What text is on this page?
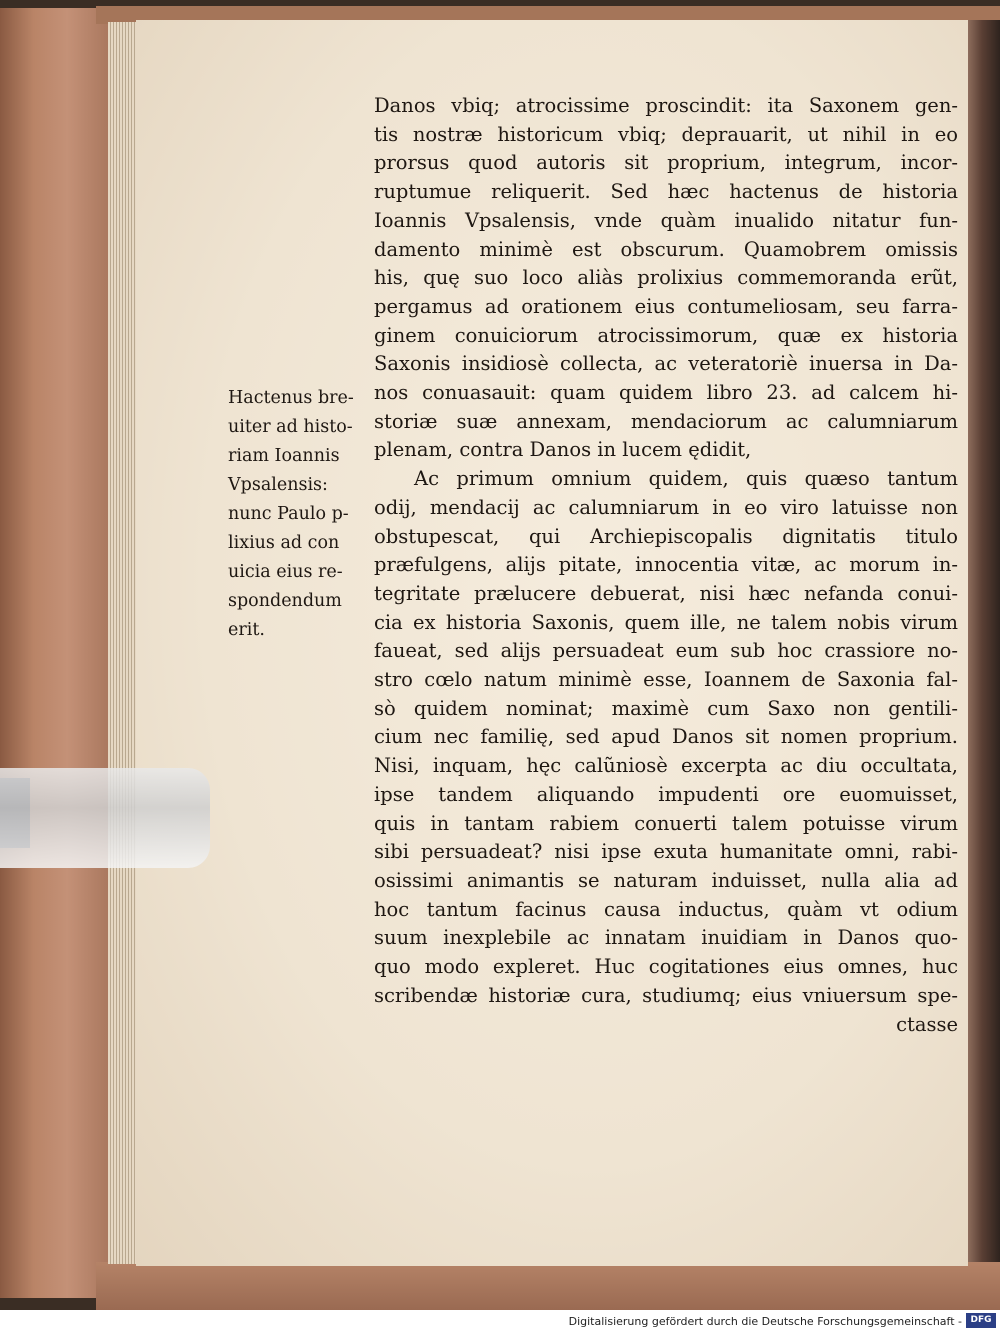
Danos vbiq; atrocissime proscindit: ita Saxonem gen-
tis nostræ historicum vbiq; deprauarit, ut nihil in eo
prorsus quod autoris sit proprium, integrum, incor-
ruptumue reliquerit. Sed hæc hactenus de historia
Ioannis Vpsalensis, vnde quàm inualido nitatur fun-
damento minimè est obscurum. Quamobrem omissis
his, quę suo loco aliàs prolixius commemoranda erũt,
pergamus ad orationem eius contumeliosam, seu farra-
ginem conuiciorum atrocissimorum, quæ ex historia
Saxonis insidiosè collecta, ac veteratoriè inuersa in Da-
nos conuasauit: quam quidem libro 23. ad calcem hi-
storiæ suæ annexam, mendaciorum ac calumniarum
plenam, contra Danos in lucem ędidit,
Ac primum omnium quidem, quis quæso tantum
odij, mendacij ac calumniarum in eo viro latuisse non
obstupescat, qui Archiepiscopalis dignitatis titulo
præfulgens, alijs pitate, innocentia vitæ, ac morum in-
tegritate prælucere debuerat, nisi hæc nefanda conui-
cia ex historia Saxonis, quem ille, ne talem nobis virum
faueat, sed alijs persuadeat eum sub hoc crassiore no-
stro cœlo natum minimè esse, Ioannem de Saxonia fal-
sò quidem nominat; maximè cum Saxo non gentili-
cium nec familię, sed apud Danos sit nomen proprium.
Nisi, inquam, hęc calũniosè excerpta ac diu occultata,
ipse tandem aliquando impudenti ore euomuisset,
quis in tantam rabiem conuerti talem potuisse virum
sibi persuadeat? nisi ipse exuta humanitate omni, rabi-
osissimi animantis se naturam induisset, nulla alia ad
hoc tantum facinus causa inductus, quàm vt odium
suum inexplebile ac innatam inuidiam in Danos quo-
quo modo expleret. Huc cogitationes eius omnes, huc
scribendæ historiæ cura, studiumq; eius vniuersum spe-
ctasse
Hactenus bre-
uiter ad histo-
riam Ioannis
Vpsalensis:
nunc Paulo p-
lixius ad con
uicia eius re-
spondendum
erit.
Digitalisierung gefördert durch die Deutsche Forschungsgemeinschaft - DFG
